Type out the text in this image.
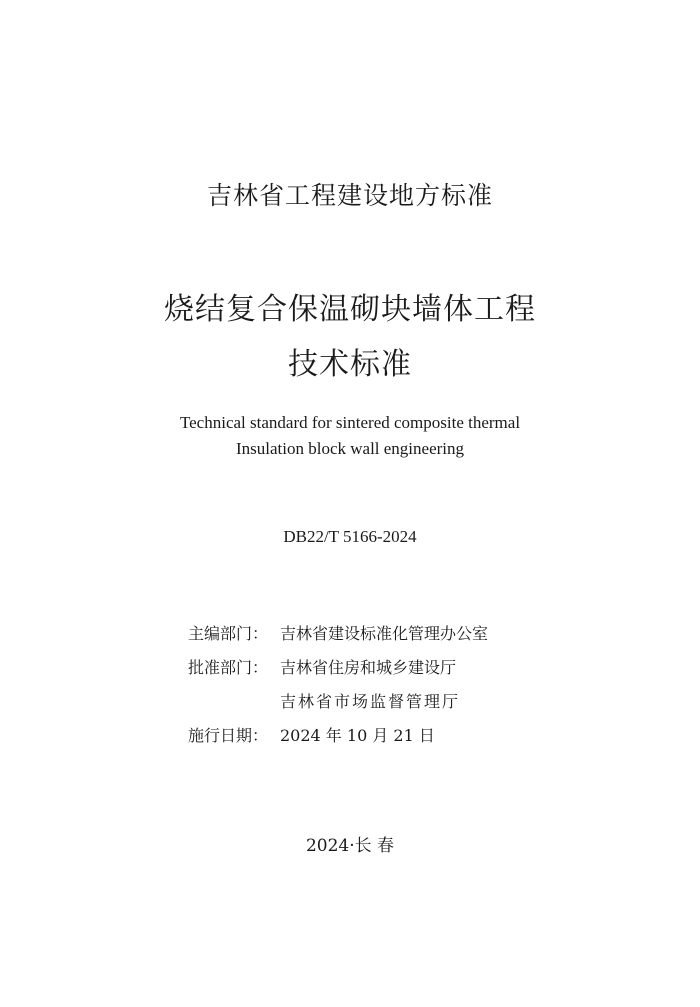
吉林省工程建设地方标准
烧结复合保温砌块墙体工程
技术标准
Technical standard for sintered composite thermal
Insulation block wall engineering
DB22/T 5166-2024
主编部门： 吉林省建设标准化管理办公室
批准部门： 吉林省住房和城乡建设厅
吉林省市场监督管理厅
施行日期： 2024 年 10 月 21 日
2024·长 春
